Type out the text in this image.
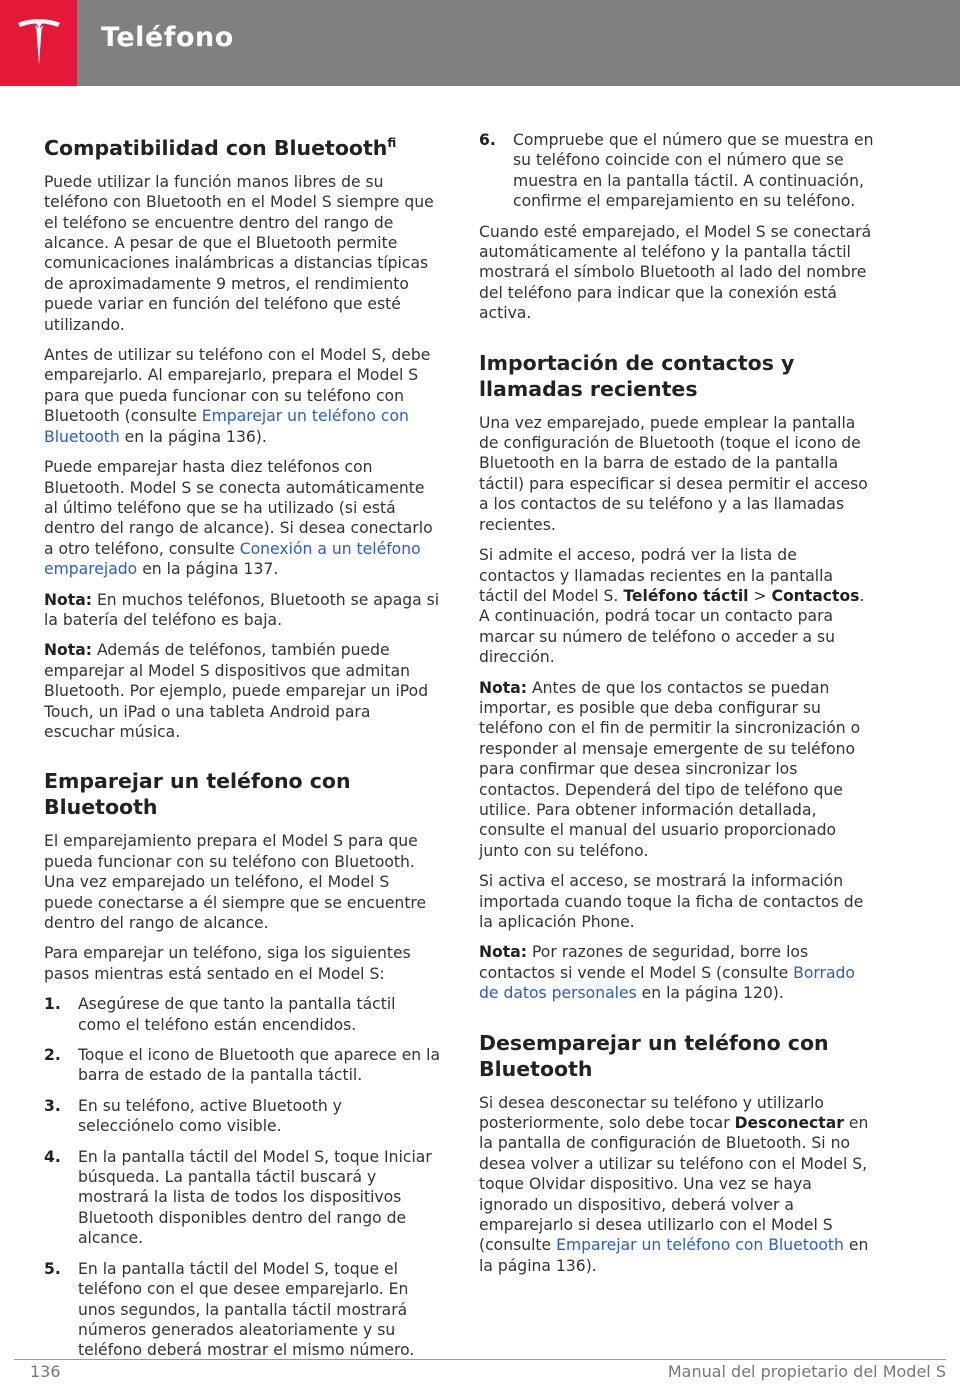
Teléfono
Compatibilidad con Bluetooth$^{fi}$

Puede utilizar la función manos libres de su teléfono con Bluetooth en el Model S siempre que el teléfono se encuentre dentro del rango de alcance. A pesar de que el Bluetooth permite comunicaciones inalámbricas a distancias típicas de aproximadamente 9 metros, el rendimiento puede variar en función del teléfono que esté utilizando.

Antes de utilizar su teléfono con el Model S, debe emparejarlo. Al emparejarlo, prepara el Model S para que pueda funcionar con su teléfono con Bluetooth (consulte Emparejar un teléfono con Bluetooth en la página 136).

Puede emparejar hasta diez teléfonos con Bluetooth. Model S se conecta automáticamente al último teléfono que se ha utilizado (si está dentro del rango de alcance). Si desea conectarlo a otro teléfono, consulte Conexión a un teléfono emparejado en la página 137.

Nota: En muchos teléfonos, Bluetooth se apaga si la batería del teléfono es baja.

Nota: Además de teléfonos, también puede emparejar al Model S dispositivos que admitan Bluetooth. Por ejemplo, puede emparejar un iPod Touch, un iPad o una tableta Android para escuchar música.

Emparejar un teléfono con Bluetooth

El emparejamiento prepara el Model S para que pueda funcionar con su teléfono con Bluetooth. Una vez emparejado un teléfono, el Model S puede conectarse a él siempre que se encuentre dentro del rango de alcance.

Para emparejar un teléfono, siga los siguientes pasos mientras está sentado en el Model S:

1. Asegúrese de que tanto la pantalla táctil como el teléfono están encendidos.
2. Toque el icono de Bluetooth que aparece en la barra de estado de la pantalla táctil.
3. En su teléfono, active Bluetooth y selecciónelo como visible.
4. En la pantalla táctil del Model S, toque Iniciar búsqueda. La pantalla táctil buscará y mostrará la lista de todos los dispositivos Bluetooth disponibles dentro del rango de alcance.
5. En la pantalla táctil del Model S, toque el teléfono con el que desee emparejarlo. En unos segundos, la pantalla táctil mostrará números generados aleatoriamente y su teléfono deberá mostrar el mismo número.
6. Compruebe que el número que se muestra en su teléfono coincide con el número que se muestra en la pantalla táctil. A continuación, confirme el emparejamiento en su teléfono.

Cuando esté emparejado, el Model S se conectará automáticamente al teléfono y la pantalla táctil mostrará el símbolo Bluetooth al lado del nombre del teléfono para indicar que la conexión está activa.

Importación de contactos y llamadas recientes

Una vez emparejado, puede emplear la pantalla de configuración de Bluetooth (toque el icono de Bluetooth en la barra de estado de la pantalla táctil) para especificar si desea permitir el acceso a los contactos de su teléfono y a las llamadas recientes.

Si admite el acceso, podrá ver la lista de contactos y llamadas recientes en la pantalla táctil del Model S. Teléfono táctil > Contactos. A continuación, podrá tocar un contacto para marcar su número de teléfono o acceder a su dirección.

Nota: Antes de que los contactos se puedan importar, es posible que deba configurar su teléfono con el fin de permitir la sincronización o responder al mensaje emergente de su teléfono para confirmar que desea sincronizar los contactos. Dependerá del tipo de teléfono que utilice. Para obtener información detallada, consulte el manual del usuario proporcionado junto con su teléfono.

Si activa el acceso, se mostrará la información importada cuando toque la ficha de contactos de la aplicación Phone.

Nota: Por razones de seguridad, borre los contactos si vende el Model S (consulte Borrado de datos personales en la página 120).

Desemparejar un teléfono con Bluetooth

Si desea desconectar su teléfono y utilizarlo posteriormente, solo debe tocar Desconectar en la pantalla de configuración de Bluetooth. Si no desea volver a utilizar su teléfono con el Model S, toque Olvidar dispositivo. Una vez se haya ignorado un dispositivo, deberá volver a emparejarlo si desea utilizarlo con el Model S (consulte Emparejar un teléfono con Bluetooth en la página 136).

136	Manual del propietario del Model S
